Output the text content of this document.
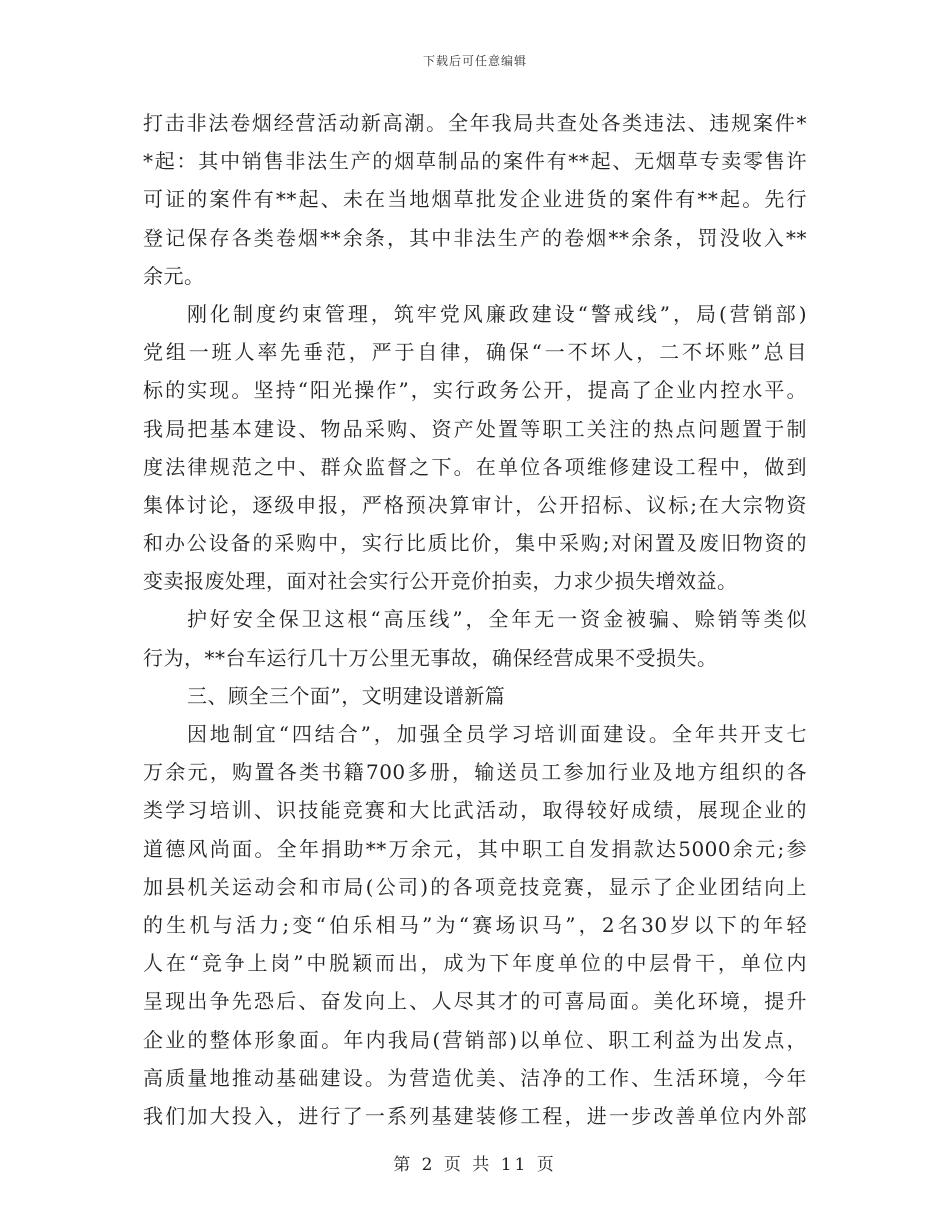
下载后可任意编辑
打击非法卷烟经营活动新高潮。全年我局共查处各类违法、违规案件*
*起：其中销售非法生产的烟草制品的案件有**起、无烟草专卖零售许
可证的案件有**起、未在当地烟草批发企业进货的案件有**起。先行
登记保存各类卷烟**余条，其中非法生产的卷烟**余条，罚没收入**
余元。
刚化制度约束管理，筑牢党风廉政建设“警戒线”，局(营销部)
党组一班人率先垂范，严于自律，确保“一不坏人，二不坏账”总目
标的实现。坚持“阳光操作”，实行政务公开，提高了企业内控水平。
我局把基本建设、物品采购、资产处置等职工关注的热点问题置于制
度法律规范之中、群众监督之下。在单位各项维修建设工程中，做到
集体讨论，逐级申报，严格预决算审计，公开招标、议标;在大宗物资
和办公设备的采购中，实行比质比价，集中采购;对闲置及废旧物资的
变卖报废处理，面对社会实行公开竞价拍卖，力求少损失增效益。
护好安全保卫这根“高压线”，全年无一资金被骗、赊销等类似
行为，**台车运行几十万公里无事故，确保经营成果不受损失。
三、顾全三个面”，文明建设谱新篇
因地制宜“四结合”，加强全员学习培训面建设。全年共开支七
万余元，购置各类书籍700多册，输送员工参加行业及地方组织的各
类学习培训、识技能竞赛和大比武活动，取得较好成绩，展现企业的
道德风尚面。全年捐助**万余元，其中职工自发捐款达5000余元;参
加县机关运动会和市局(公司)的各项竞技竞赛，显示了企业团结向上
的生机与活力;变“伯乐相马”为“赛场识马”，2名30岁以下的年轻
人在“竞争上岗”中脱颖而出，成为下年度单位的中层骨干，单位内
呈现出争先恐后、奋发向上、人尽其才的可喜局面。美化环境，提升
企业的整体形象面。年内我局(营销部)以单位、职工利益为出发点，
高质量地推动基础建设。为营造优美、洁净的工作、生活环境，今年
我们加大投入，进行了一系列基建装修工程，进一步改善单位内外部
第 2 页 共 11 页
